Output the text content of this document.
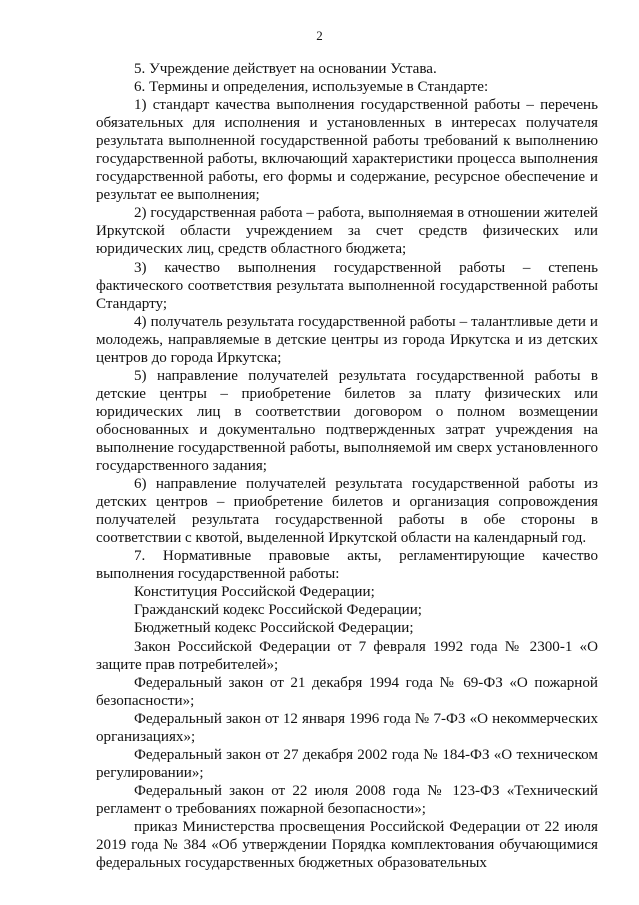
2

5. Учреждение действует на основании Устава.

6. Термины и определения, используемые в Стандарте:

1) стандарт качества выполнения государственной работы – перечень обязательных для исполнения и установленных в интересах получателя результата выполненной государственной работы требований к выполнению государственной работы, включающий характеристики процесса выполнения государственной работы, его формы и содержание, ресурсное обеспечение и результат ее выполнения;

2) государственная работа – работа, выполняемая в отношении жителей Иркутской области учреждением за счет средств физических или юридических лиц, средств областного бюджета;

3) качество выполнения государственной работы – степень фактического соответствия результата выполненной государственной работы Стандарту;

4) получатель результата государственной работы – талантливые дети и молодежь, направляемые в детские центры из города Иркутска и из детских центров до города Иркутска;

5) направление получателей результата государственной работы в детские центры – приобретение билетов за плату физических или юридических лиц в соответствии договором о полном возмещении обоснованных и документально подтвержденных затрат учреждения на выполнение государственной работы, выполняемой им сверх установленного государственного задания;

6) направление получателей результата государственной работы из детских центров – приобретение билетов и организация сопровождения получателей результата государственной работы в обе стороны в соответствии с квотой, выделенной Иркутской области на календарный год.

7. Нормативные правовые акты, регламентирующие качество выполнения государственной работы:

Конституция Российской Федерации;

Гражданский кодекс Российской Федерации;

Бюджетный кодекс Российской Федерации;

Закон Российской Федерации от 7 февраля 1992 года № 2300-1 «О защите прав потребителей»;

Федеральный закон от 21 декабря 1994 года № 69-ФЗ «О пожарной безопасности»;

Федеральный закон от 12 января 1996 года № 7-ФЗ «О некоммерческих организациях»;

Федеральный закон от 27 декабря 2002 года № 184-ФЗ «О техническом регулировании»;

Федеральный закон от 22 июля 2008 года № 123-ФЗ «Технический регламент о требованиях пожарной безопасности»;

приказ Министерства просвещения Российской Федерации от 22 июля 2019 года № 384 «Об утверждении Порядка комплектования обучающимися федеральных государственных бюджетных образовательных
